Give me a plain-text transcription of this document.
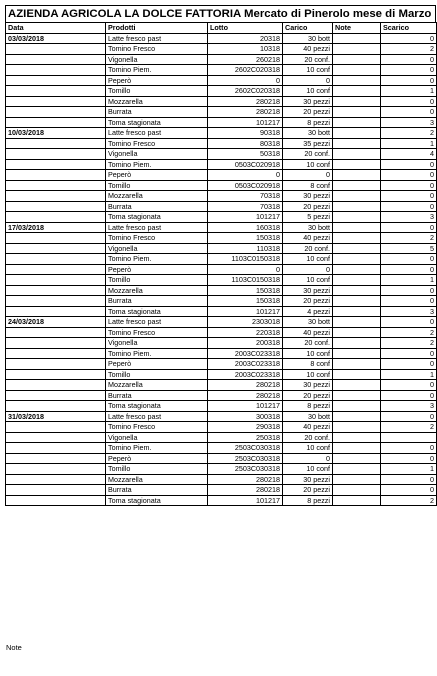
AZIENDA AGRICOLA LA DOLCE FATTORIA Mercato di Pinerolo mese di Marzo
Data	Prodotti	Lotto	Carico	Note	Scarico
03/03/2018	Latte fresco past	20318	30 bott		0
	Tomino Fresco	10318	40 pezzi		2
	Vigonella	260218	20 conf.		0
	Tomino Piem.	2602C020318	10 conf		0
	Peperò	0	0		0
	Tomillo	2602C020318	10 conf		1
	Mozzarella	280218	30 pezzi		0
	Burrata	280218	20 pezzi		0
	Toma stagionata	101217	8 pezzi		3
10/03/2018	Latte fresco past	90318	30 bott		2
	Tomino Fresco	80318	35 pezzi		1
	Vigonella	50318	20 conf.		4
	Tomino Piem.	0503C020918	10 conf		0
	Peperò	0	0		0
	Tomillo	0503C020918	8 conf		0
	Mozzarella	70318	30 pezzi		0
	Burrata	70318	20 pezzi		0
	Toma stagionata	101217	5 pezzi		3
17/03/2018	Latte fresco past	160318	30 bott		0
	Tomino Fresco	150318	40 pezzi		2
	Vigonella	110318	20 conf.		5
	Tomino Piem.	1103C0150318	10 conf		0
	Peperò	0	0		0
	Tomillo	1103C0150318	10 conf		1
	Mozzarella	150318	30 pezzi		0
	Burrata	150318	20 pezzi		0
	Toma stagionata	101217	4 pezzi		3
24/03/2018	Latte fresco past	2303018	30 bott		0
	Tomino Fresco	220318	40 pezzi		2
	Vigonella	200318	20 conf.		2
	Tomino Piem.	2003C023318	10 conf		0
	Peperò	2003C023318	8 conf		0
	Tomillo	2003C023318	10 conf		1
	Mozzarella	280218	30 pezzi		0
	Burrata	280218	20 pezzi		0
	Toma stagionata	101217	8 pezzi		3
31/03/2018	Latte fresco past	300318	30 bott		0
	Tomino Fresco	290318	40 pezzi		2
	Vigonella	250318	20 conf.		
	Tomino Piem.	2503C030318	10 conf		0
	Peperò	2503C030318	0		0
	Tomillo	2503C030318	10 conf		1
	Mozzarella	280218	30 pezzi		0
	Burrata	280218	20 pezzi		0
	Toma stagionata	101217	8 pezzi		2
Note
